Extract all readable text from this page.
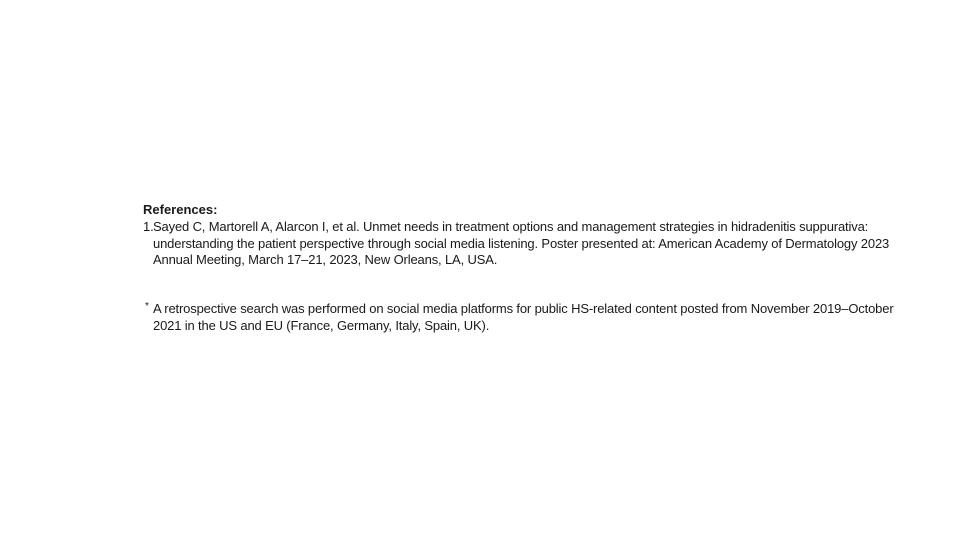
References:
1. Sayed C, Martorell A, Alarcon I, et al. Unmet needs in treatment options and management strategies in hidradenitis suppurativa: understanding the patient perspective through social media listening. Poster presented at: American Academy of Dermatology 2023 Annual Meeting, March 17–21, 2023, New Orleans, LA, USA.
* A retrospective search was performed on social media platforms for public HS-related content posted from November 2019–October 2021 in the US and EU (France, Germany, Italy, Spain, UK).
